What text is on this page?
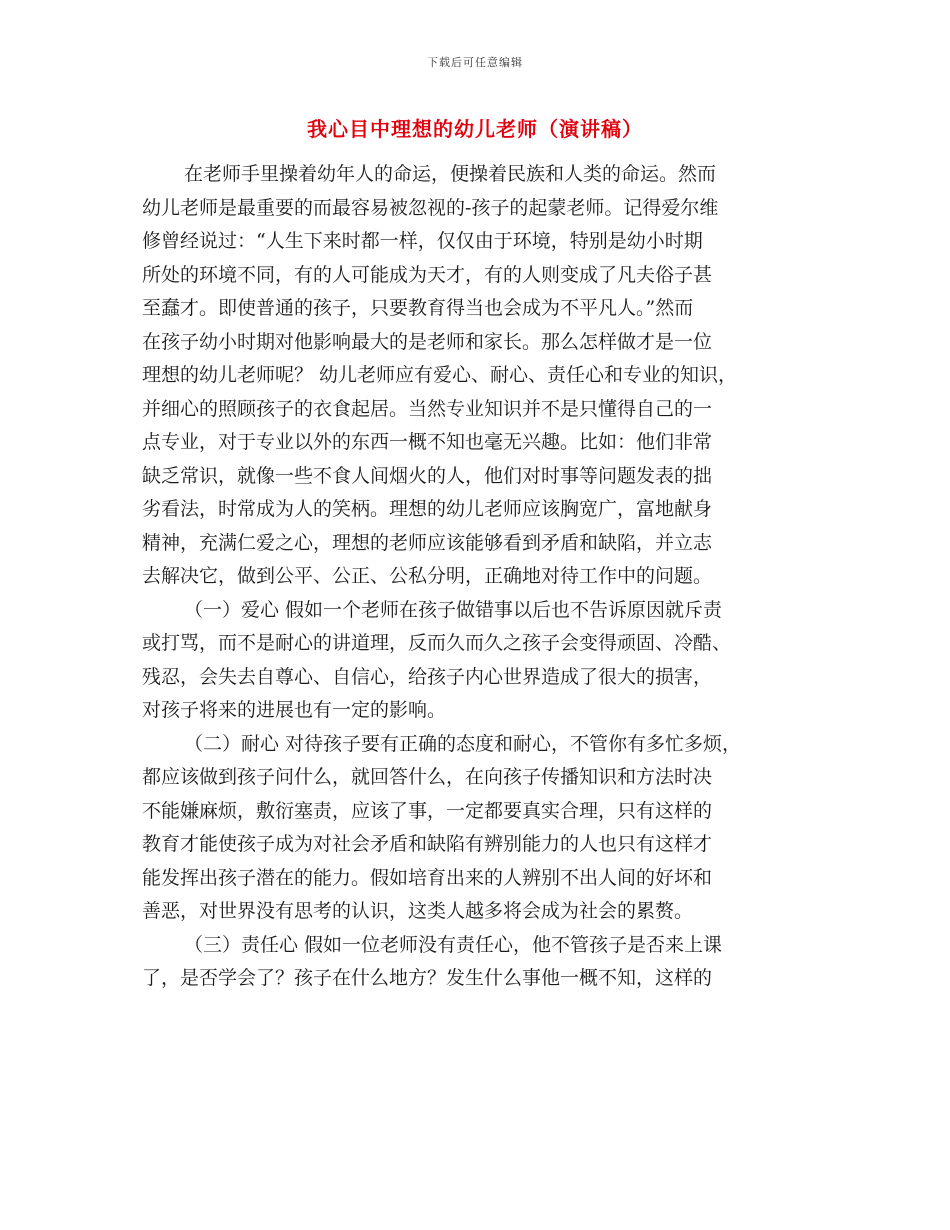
下载后可任意编辑
我心目中理想的幼儿老师（演讲稿）
在老师手里操着幼年人的命运，便操着民族和人类的命运。然而
幼儿老师是最重要的而最容易被忽视的-孩子的起蒙老师。记得爱尔维
修曾经说过：“人生下来时都一样，仅仅由于环境，特别是幼小时期
所处的环境不同，有的人可能成为天才，有的人则变成了凡夫俗子甚
至蠢才。即使普通的孩子，只要教育得当也会成为不平凡人。”然而
在孩子幼小时期对他影响最大的是老师和家长。那么怎样做才是一位
理想的幼儿老师呢？ 幼儿老师应有爱心、耐心、责任心和专业的知识，
并细心的照顾孩子的衣食起居。当然专业知识并不是只懂得自己的一
点专业，对于专业以外的东西一概不知也毫无兴趣。比如：他们非常
缺乏常识，就像一些不食人间烟火的人，他们对时事等问题发表的拙
劣看法，时常成为人的笑柄。理想的幼儿老师应该胸宽广，富地献身
精神，充满仁爱之心，理想的老师应该能够看到矛盾和缺陷，并立志
去解决它，做到公平、公正、公私分明，正确地对待工作中的问题。
（一）爱心 假如一个老师在孩子做错事以后也不告诉原因就斥责
或打骂，而不是耐心的讲道理，反而久而久之孩子会变得顽固、冷酷、
残忍，会失去自尊心、自信心，给孩子内心世界造成了很大的损害，
对孩子将来的进展也有一定的影响。
（二）耐心 对待孩子要有正确的态度和耐心，不管你有多忙多烦，
都应该做到孩子问什么，就回答什么，在向孩子传播知识和方法时决
不能嫌麻烦，敷衍塞责，应该了事，一定都要真实合理，只有这样的
教育才能使孩子成为对社会矛盾和缺陷有辨别能力的人也只有这样才
能发挥出孩子潜在的能力。假如培育出来的人辨别不出人间的好坏和
善恶，对世界没有思考的认识，这类人越多将会成为社会的累赘。
（三）责任心 假如一位老师没有责任心，他不管孩子是否来上课
了，是否学会了？孩子在什么地方？发生什么事他一概不知，这样的
